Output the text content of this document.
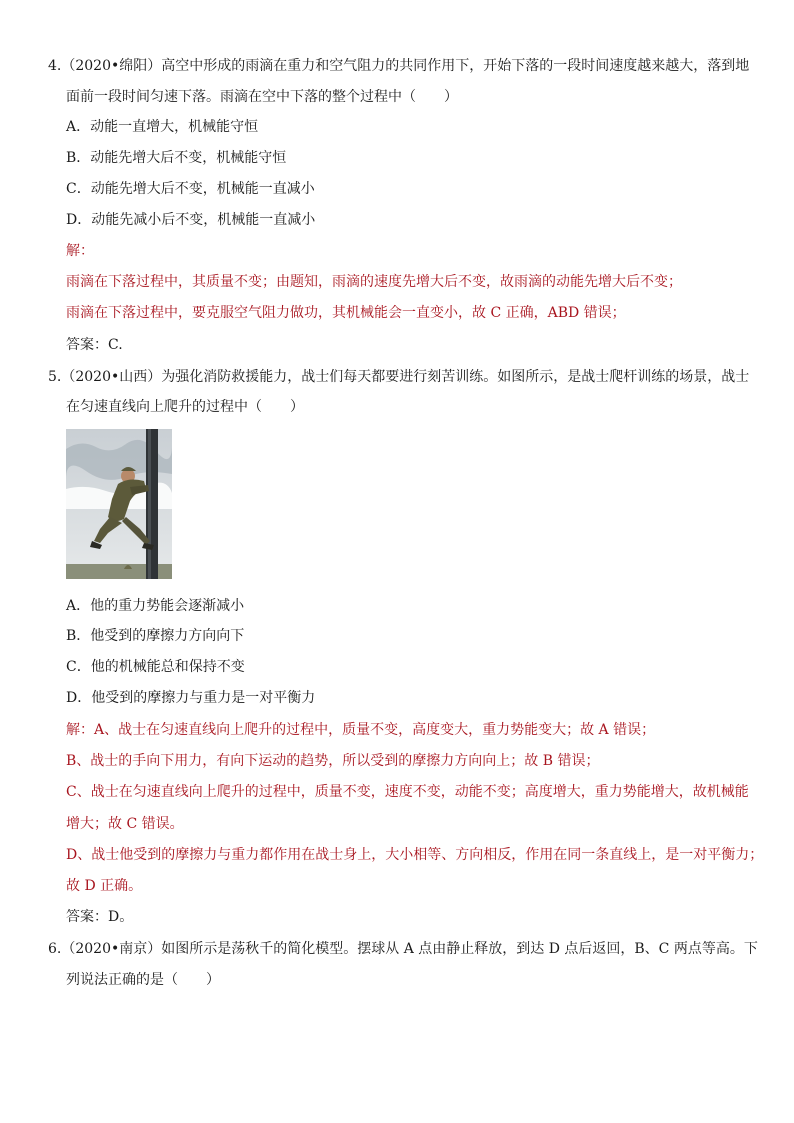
4.（2020•绵阳）高空中形成的雨滴在重力和空气阻力的共同作用下，开始下落的一段时间速度越来越大，落到地
面前一段时间匀速下落。雨滴在空中下落的整个过程中（　　）
A．动能一直增大，机械能守恒
B．动能先增大后不变，机械能守恒
C．动能先增大后不变，机械能一直减小
D．动能先减小后不变，机械能一直减小
解：
雨滴在下落过程中，其质量不变；由题知，雨滴的速度先增大后不变，故雨滴的动能先增大后不变；
雨滴在下落过程中，要克服空气阻力做功，其机械能会一直变小，故 C 正确，ABD 错误；
答案：C.
5.（2020•山西）为强化消防救援能力，战士们每天都要进行刻苦训练。如图所示，是战士爬杆训练的场景，战士
在匀速直线向上爬升的过程中（　　）
A．他的重力势能会逐渐减小
B．他受到的摩擦力方向向下
C．他的机械能总和保持不变
D．他受到的摩擦力与重力是一对平衡力
解：A、战士在匀速直线向上爬升的过程中，质量不变，高度变大，重力势能变大；故 A 错误；
B、战士的手向下用力，有向下运动的趋势，所以受到的摩擦力方向向上；故 B 错误；
C、战士在匀速直线向上爬升的过程中，质量不变，速度不变，动能不变；高度增大，重力势能增大，故机械能
增大；故 C 错误。
D、战士他受到的摩擦力与重力都作用在战士身上，大小相等、方向相反，作用在同一条直线上，是一对平衡力；
故 D 正确。
答案：D。
6.（2020•南京）如图所示是荡秋千的简化模型。摆球从 A 点由静止释放，到达 D 点后返回，B、C 两点等高。下
列说法正确的是（　　）
